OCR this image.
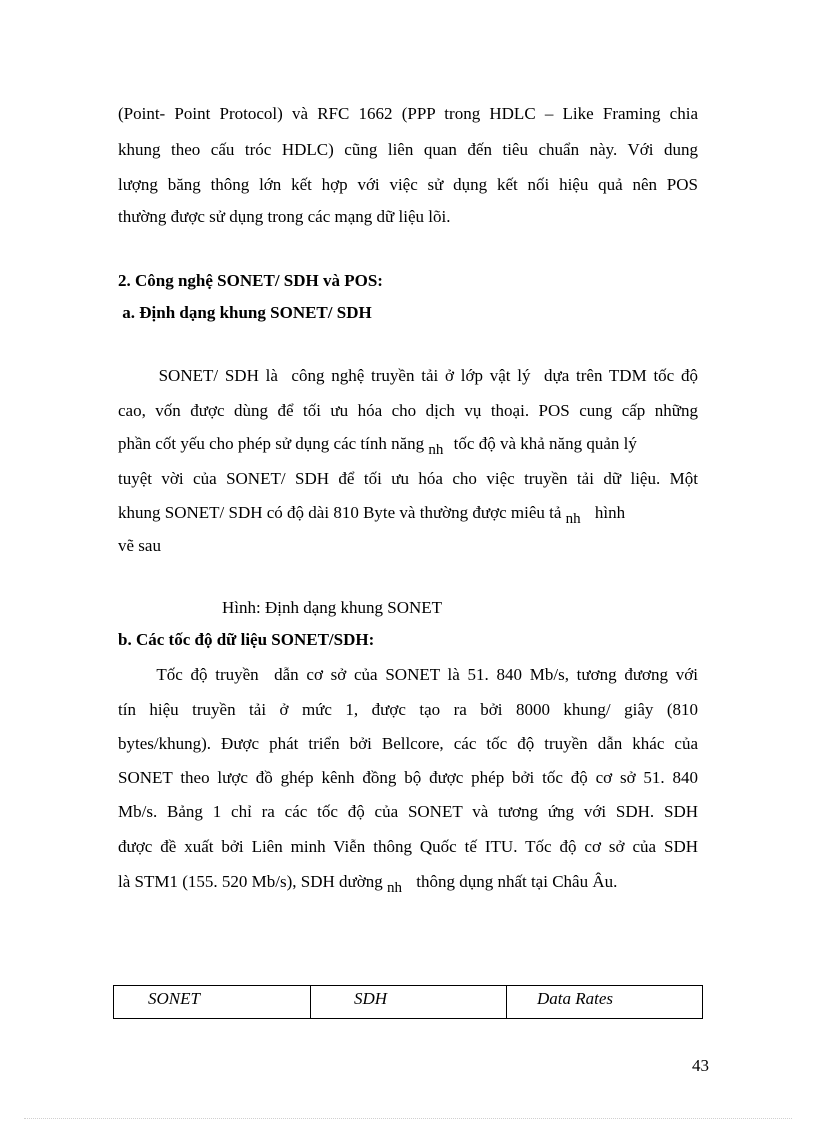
(Point- Point Protocol) và RFC 1662 (PPP trong HDLC – Like Framing chia
khung theo cấu tróc HDLC) cũng liên quan đến tiêu chuẩn này. Với dung
lượng băng thông lớn kết hợp với việc sử dụng kết nối hiệu quả nên POS
thường được sử dụng trong các mạng dữ liệu lõi.
2. Công nghệ SONET/ SDH và POS:
a. Định dạng khung SONET/ SDH
SONET/ SDH là  công nghệ truyền tải ở lớp vật lý  dựa trên TDM tốc độ
cao, vốn được dùng để tối ưu hóa cho dịch vụ thoại. POS cung cấp những
phần cốt yếu cho phép sử dụng các tính năng nh tốc độ và khả năng quản lý
tuyệt vời của SONET/ SDH để tối ưu hóa cho việc truyền tải dữ liệu. Một
khung SONET/ SDH có độ dài 810 Byte và thường được miêu tả nh hình
vẽ sau
Hình: Định dạng khung SONET
b. Các tốc độ dữ liệu SONET/SDH:
Tốc độ truyền  dẫn cơ sở của SONET là 51. 840 Mb/s, tương đương với
tín hiệu truyền tải ở mức 1, được tạo ra bởi 8000 khung/ giây (810
bytes/khung). Được phát triển bởi Bellcore, các tốc độ truyền dẫn khác của
SONET theo lược đồ ghép kênh đồng bộ được phép bởi tốc độ cơ sở 51. 840
Mb/s. Bảng 1 chỉ ra các tốc độ của SONET và tương ứng với SDH. SDH
được đề xuất bởi Liên minh Viễn thông Quốc tế ITU. Tốc độ cơ sở của SDH
là STM1 (155. 520 Mb/s), SDH dường nh thông dụng nhất tại Châu Âu.
SONET	SDH	Data Rates
43
